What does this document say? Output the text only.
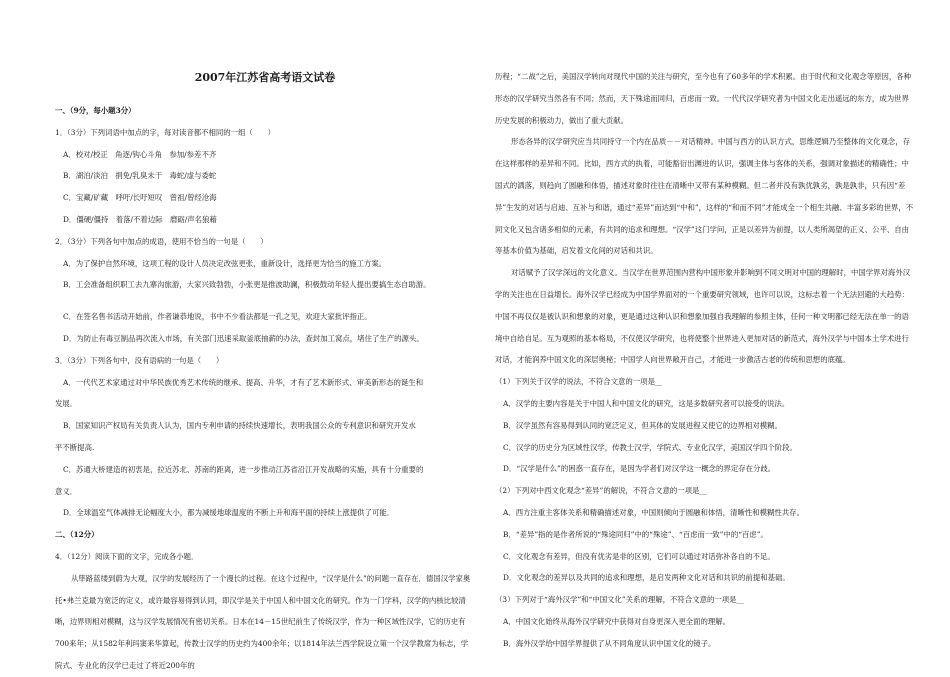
2007年江苏省高考语文试卷
一、（9分，每小题3分）
1．（3分）下列词语中加点的字，每对读音都不相同的一组（　　）
A．校对/校正　角逐/钩心斗角　参加/参差不齐
B．湖泊/淡泊　捐免/乳臭未干　毒蛇/虚与委蛇
C．宝藏/矿藏　呼吁/长吁短叹　曾祖/曾经沧海
D．僵硬/僵持　着落/不着边际　磨砺/声名狼藉
2．（3分）下列各句中加点的成语，使用不恰当的一句是（　　）
A．为了保护自然环境，这项工程的设计人员决定改弦更张，重新设计，选择更为恰当的施工方案。
B．工会准备组织职工去九寨沟旅游，大家兴致勃勃，小张更是推波助澜，积极鼓动年轻人提出要搞生态自助游。
C．在签名售书活动开始前，作者谦恭地说，书中不少看法都是一孔之见，欢迎大家批评指正。
D．为防止有毒豆制品再次流入市场，有关部门迅速采取釜底抽薪的办法，查封加工窝点，堵住了生产的源头。
3．（3分）下列各句中，没有语病的一句是（　　）
A．一代代艺术家通过对中华民族优秀艺术传统的继承、提高、升华，才有了艺术新形式、审美新形态的诞生和
发展．
B．国家知识产权局有关负责人认为，国内专利申请的持续快速增长，表明我国公众的专利意识和研究开发水
平不断提高.
C．苏通大桥建造的初衷是，拉近苏北、苏南的距离，进一步推动江苏省沿江开发战略的实施，具有十分重要的
意义．
D．全球温室气体减排无论幅度大小，都为减缓地球温度的不断上升和海平面的持续上涨提供了可能．
二、（12分）
4．（12分）阅读下面的文字，完成各小题．
从筚路蓝缕到蔚为大观，汉学的发展经历了一个漫长的过程。在这个过程中，“汉学是什么”的问题一直存在．德国汉学家奥托•弗兰克最为宽泛的定义，或许最容易得到认同，即汉学是关于中国人和中国文化的研究。作为一门学科，汉学的内核比较清晰，边界则相对模糊，这与汉学发展情况有密切关系。日本在14－15世纪前生了传统汉学，作为一种区域性汉学，它的历史有700来年；从1582年利玛窦来华算起，传教士汉学的历史约为400余年；以1814年法兰西学院设立第一个汉学教席为标志，学院式、专业化的汉学已走过了将近200年的
历程；“二战”之后，美国汉学转向对现代中国的关注与研究，至今也有了60多年的学术积累。由于时代和文化观念等原因，各种形态的汉学研究当然各有不同；然而，天下殊途而同归，百虑而一致。一代代汉学研究者为中国文化走出遥远的东方，成为世界历史发展的积极动力，做出了重大贡献。
形态各异的汉学研究应当共同持守一个内在品质－－对话精神。中国与西方的认识方式，思维逻辑乃至整体的文化观念，存在这样那样的差异和不同。比如，西方式的执着，可能豁衍出渊进的认识，强调主体与客体的关系，强调对象描述的精确性；中国式的洒落，则趋向了圆融和体悟，描述对象时往往在清晰中又带有某种模糊。但二者并没有孰优孰劣，孰是孰非，只有因“差异”生发的对话与启迪、互补与和谐，通过“差异”而达到“中和”，这样的“和而不同”才能成全一个相生共融、丰富多彩的世界，不同文化又包含诸多相似的元素，有共同的追求和理想。“汉学”这门学问，正是以差异为前提，以人类所渴望的正义、公平、自由等基本价值为基础，启发着文化间的对话和共识。
对话赋予了汉学深远的文化意义。当汉学在世界范围内营构中国形象并影响到不同文明对中国的理解时，中国学界对海外汉学的关注也在日益增长。海外汉学已经成为中国学界面对的一个重要研究领域，也许可以说，这标志着一个无法回避的大趋势：中国不再仅仅是被认识和想象的对象，更是通过这种认识和想象加强自我理解的参照主体，任何一种文明都已经无法在单一的语境中自给自足。互为观照的基本格局，不仅使汉学研究，也将使整个世界进入更加对话的新范式，海外汉学与中国本土学术进行对话，才能润养中国文化的深层奥秘；中国学人向世界敞开自己，才能进一步激活古老的传统和思想的底蕴。
（1）下列关于汉学的说法，不符合文意的一项是__
A．汉学的主要内容是关于中国人和中国文化的研究，这是多数研究者可以接受的说法。
B．汉学虽然有容易得到认同的宽泛定义，但其体的发展进程又使它的边界相对模糊。
C．汉学的历史分为区域性汉学，传教士汉学，学院式、专业化汉学，美国汉学四个阶段。
D．“汉学是什么”的困惑一直存在，是因为学者们对汉学这一概念的界定存在分歧。
（2）下列对中西文化观念“差异”的解说，不符合文意的一项是__
A．西方注重主客体关系和精确描述对象，中国则倾向于圆融和体悟，清晰性和模糊性共存。
B．“差异”指的是作者所说的“殊途同归”中的“殊途”、“百虑而一致”中的“百虑”。
C．文化观念有差异，但没有优劣是非的区别，它们可以通过对话弥补各自的不足。
D．文化观念的差异以及共同的追求和理想，是启发两种文化对话和共识的前提和基础。
（3）下列对于“海外汉学”和“中国文化”关系的理解，不符合文意的一项是__
A．中国文化始终从海外汉学研究中获得对自身更深入更全面的理解。
B．海外汉学给中国学界提供了从不同角度认识中国文化的镜子。
